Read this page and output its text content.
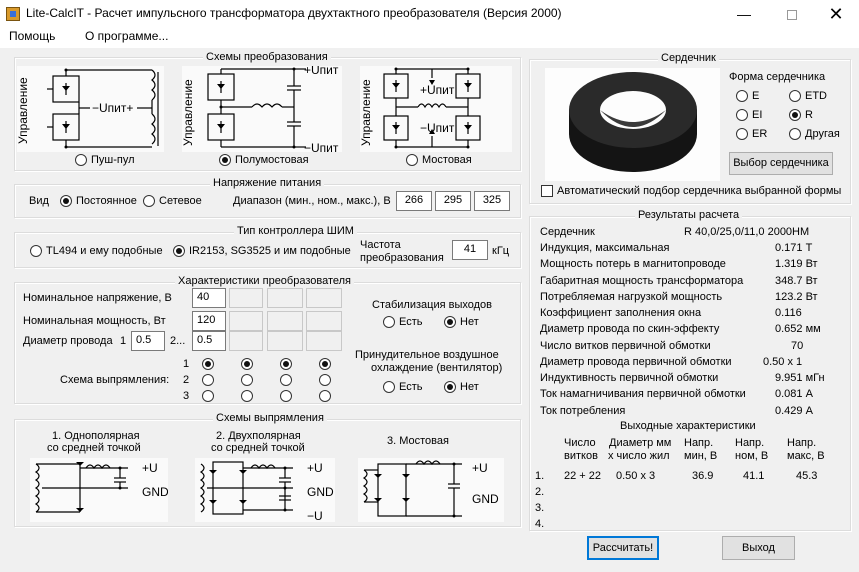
Lite-CalcIT - Расчет импульсного трансформатора двухтактного преобразователя (Версия 2000)	—	✕
Помощь О программе...
Схемы преобразования
Управление	−Uпит+
Пуш-пул
Управление
+Uпит
−Uпит
Полумостовая
Управление	+Uпит
−Uпит
Мостовая
Напряжение питания
Вид Постоянное Сетевое	Диапазон (мин., ном., макс.), В	266	295	325
Тип контроллера ШИМ
TL494 и ему подобные IR2153, SG3525 и им подобные Частота
преобразования
41	кГц
Характеристики преобразователя
Номинальное напряжение, В	40
Номинальная мощность, Вт	120
Диаметр провода 1 0.5	2...	0.5
1
2
3
Схема выпрямления:
Стабилизация выходов
Есть	Нет
Принудительное воздушное
охлаждение (вентилятор)
Есть	Нет
Схемы выпрямления
1. Однополярная
со средней точкой
2. Двухполярная
со средней точкой
3. Мостовая
+U
GND
+U
GND
−U
+U
GND
Сердечник
Форма сердечника
E	ETD
EI	R
ER	Другая
Выбор сердечника
Автоматический подбор сердечника выбранной формы
Результаты расчета
Сердечник	R 40,0/25,0/11,0 2000НМ
Индукция, максимальная	0.171 Т
Мощность потерь в магнитопроводе	1.319 Вт
Габаритная мощность трансформатора	348.7 Вт
Потребляемая нагрузкой мощность	123.2 Вт
Коэффициент заполнения окна	0.116
Диаметр провода по скин-эффекту	0.652 мм
Число витков первичной обмотки	70
Диаметр провода первичной обмотки	0.50 x 1
Индуктивность первичной обмотки	9.951 мГн
Ток намагничивания первичной обмотки	0.081 А
Ток потребления	0.429 А
Выходные характеристики
Число
витков
Диаметр мм
x число жил
Напр.
мин, В
Напр.
ном, В
Напр.
макс, В
1. 22 + 22 0.50 x 3	36.9	41.1	45.3
2.
3.
4.
Рассчитать!	Выход
